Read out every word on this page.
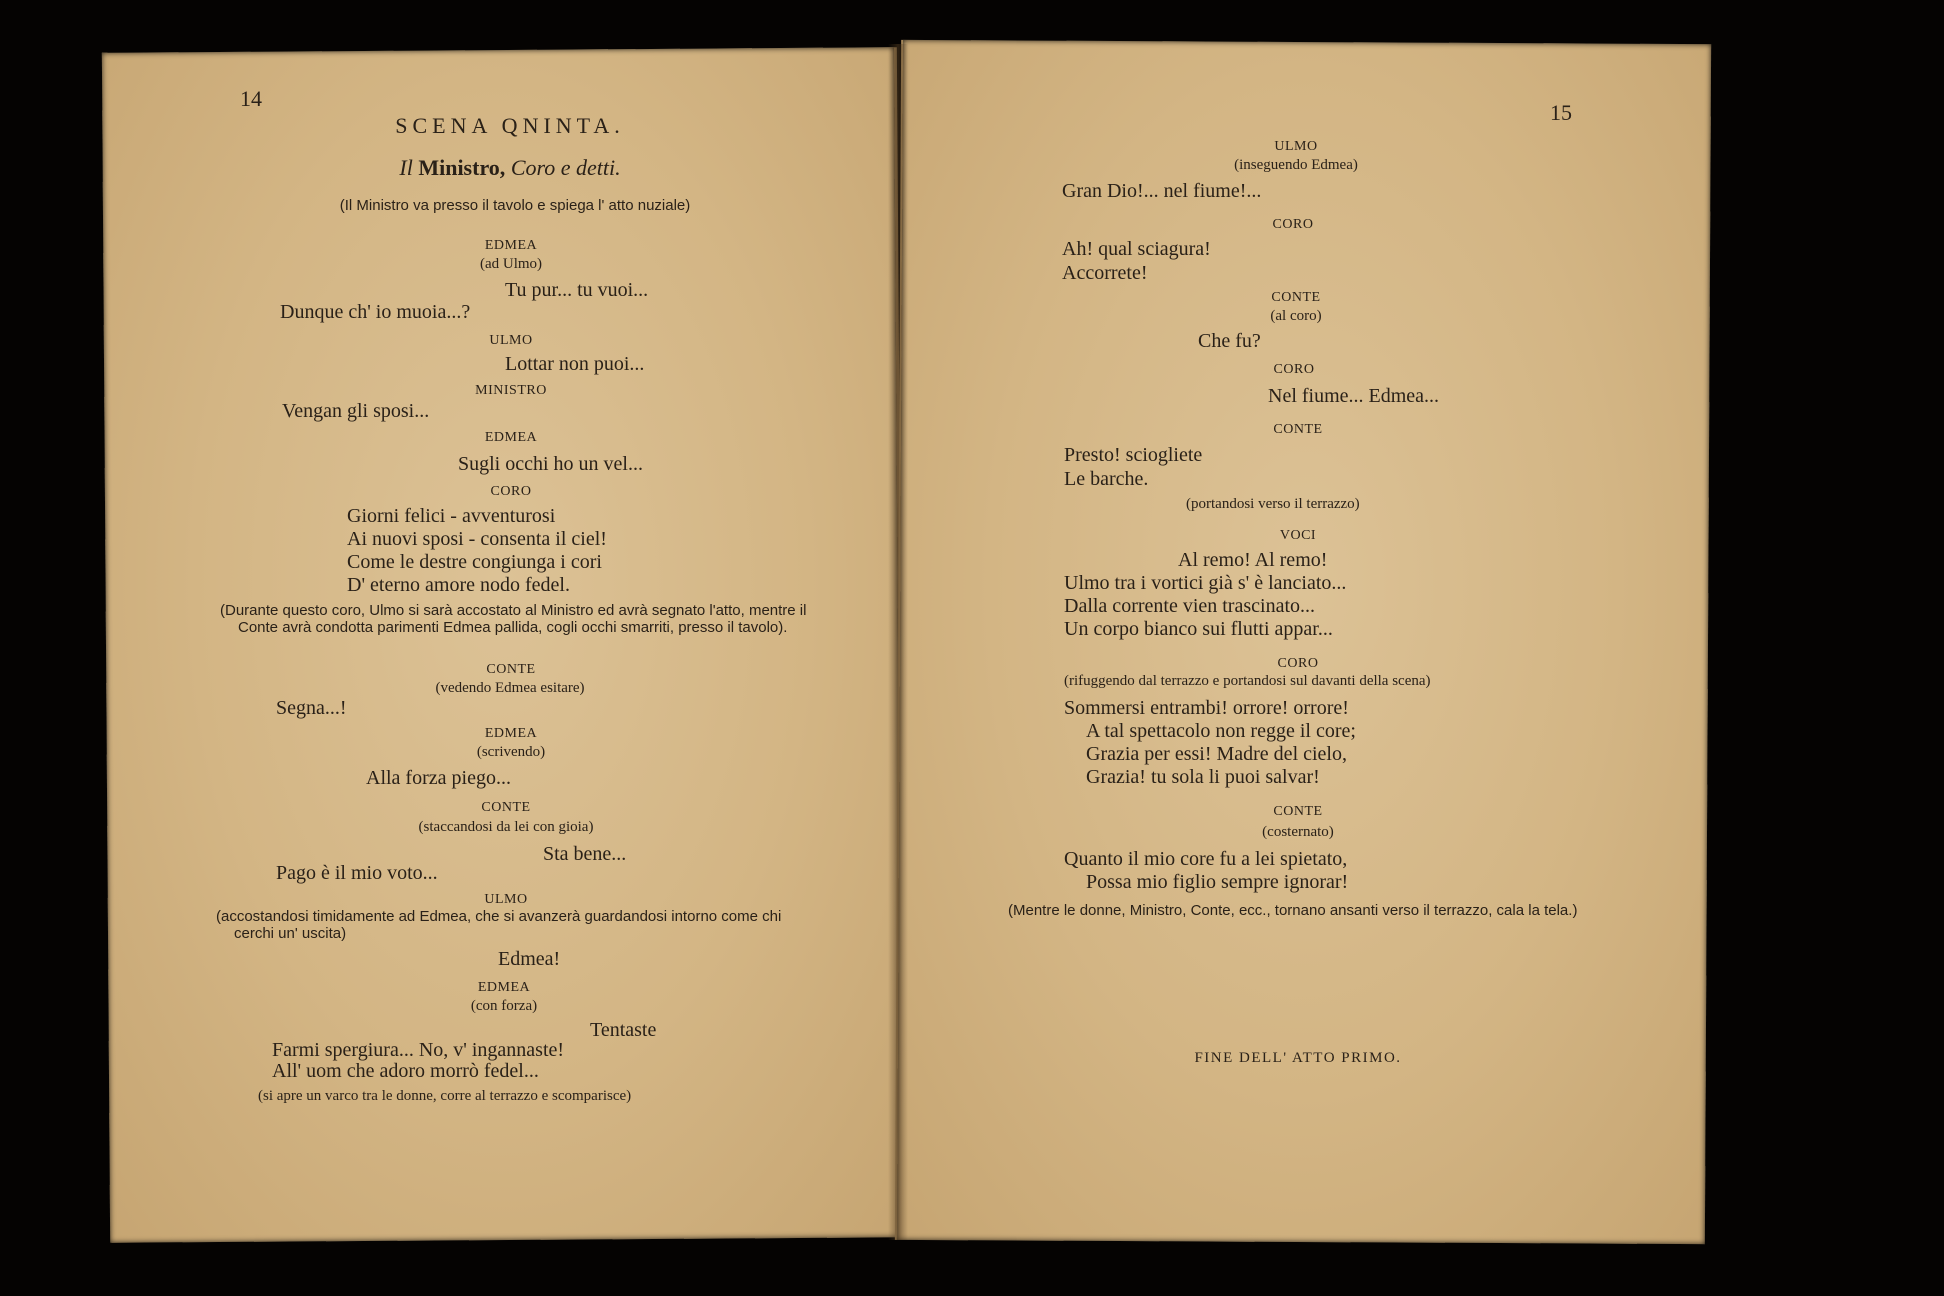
14
SCENA QNINTA.
Il Ministro, Coro e detti.
(Il Ministro va presso il tavolo e spiega l' atto nuziale)
EDMEA
(ad Ulmo)
Tu pur... tu vuoi...
Dunque ch' io muoia...?
ULMO
Lottar non puoi...
MINISTRO
Vengan gli sposi...
EDMEA
Sugli occhi ho un vel...
CORO
Giorni felici - avventurosi
Ai nuovi sposi - consenta il ciel!
Come le destre congiunga i cori
D' eterno amore nodo fedel.
(Durante questo coro, Ulmo si sarà accostato al Ministro ed avrà segnato l'atto, mentre il Conte avrà condotta parimenti Edmea pallida, cogli occhi smarriti, presso il tavolo).
CONTE
(vedendo Edmea esitare)
Segna...!
EDMEA
(scrivendo)
Alla forza piego...
CONTE
(staccandosi da lei con gioia)
Sta bene...
Pago è il mio voto...
ULMO
(accostandosi timidamente ad Edmea, che si avanzerà guardandosi intorno come chi cerchi un' uscita)
Edmea!
EDMEA
(con forza)
Tentaste
Farmi spergiura... No, v' ingannaste!
All' uom che adoro morrò fedel...
(si apre un varco tra le donne, corre al terrazzo e scomparisce)
15
ULMO
(inseguendo Edmea)
Gran Dio!... nel fiume!...
CORO
Ah! qual sciagura!
Accorrete!
CONTE
(al coro)
Che fu?
CORO
Nel fiume... Edmea...
CONTE
Presto! sciogliete
Le barche.
(portandosi verso il terrazzo)
VOCI
Al remo! Al remo!
Ulmo tra i vortici già s' è lanciato...
Dalla corrente vien trascinato...
Un corpo bianco sui flutti appar...
CORO
(rifuggendo dal terrazzo e portandosi sul davanti della scena)
Sommersi entrambi! orrore! orrore!
A tal spettacolo non regge il core;
Grazia per essi! Madre del cielo,
Grazia! tu sola li puoi salvar!
CONTE
(costernato)
Quanto il mio core fu a lei spietato,
Possa mio figlio sempre ignorar!
(Mentre le donne, Ministro, Conte, ecc., tornano ansanti verso il terrazzo, cala la tela.)
FINE DELL' ATTO PRIMO.
